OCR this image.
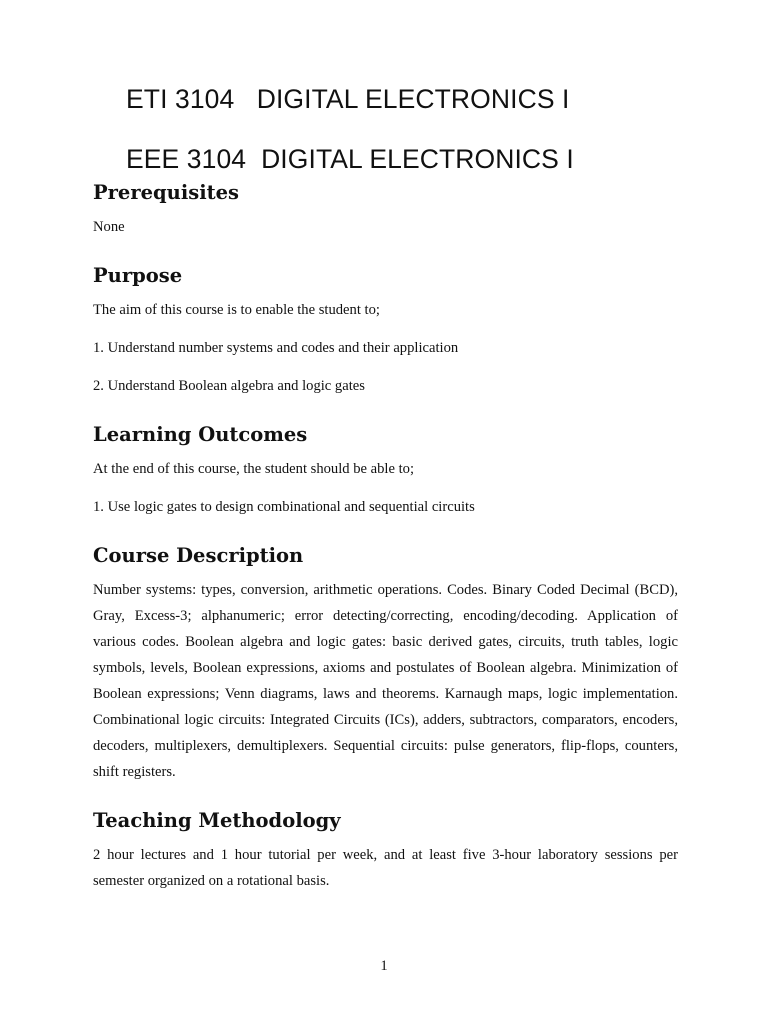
ETI 3104   DIGITAL ELECTRONICS I
EEE 3104  DIGITAL ELECTRONICS I
Prerequisites

None

Purpose

The aim of this course is to enable the student to;

1. Understand number systems and codes and their application

2. Understand Boolean algebra and logic gates

Learning Outcomes

At the end of this course, the student should be able to;

1. Use logic gates to design combinational and sequential circuits

Course Description

Number systems: types, conversion, arithmetic operations. Codes. Binary Coded Decimal (BCD), Gray, Excess-3; alphanumeric; error detecting/correcting, encoding/decoding. Application of various codes. Boolean algebra and logic gates: basic derived gates, circuits, truth tables, logic symbols, levels, Boolean expressions, axioms and postulates of Boolean algebra. Minimization of Boolean expressions; Venn diagrams, laws and theorems. Karnaugh maps, logic implementation. Combinational logic circuits: Integrated Circuits (ICs), adders, subtractors, comparators, encoders, decoders, multiplexers, demultiplexers. Sequential circuits: pulse generators, flip-flops, counters, shift registers.

Teaching Methodology

2 hour lectures and 1 hour tutorial per week, and at least five 3-hour laboratory sessions per semester organized on a rotational basis.

1
